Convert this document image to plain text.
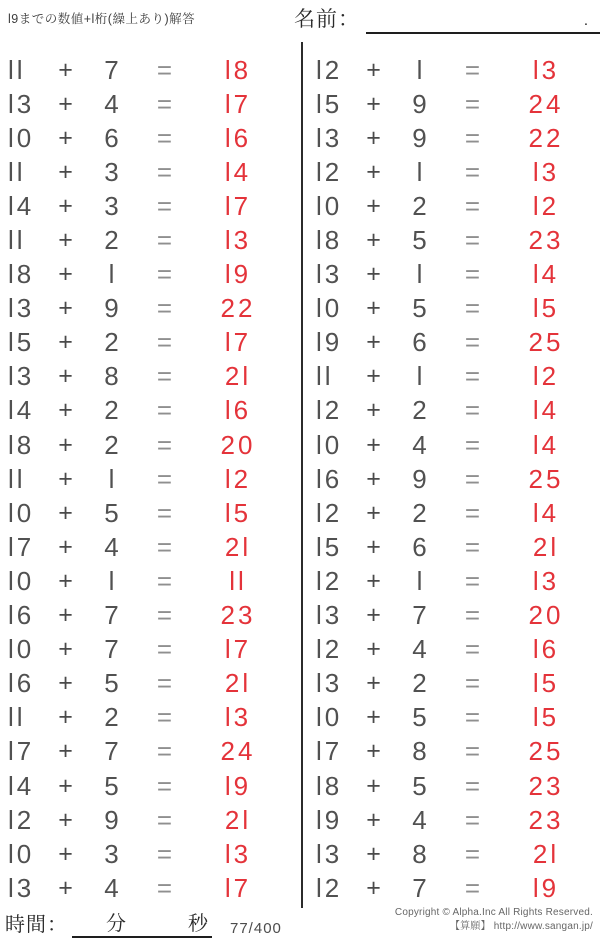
l9までの数値+l桁(繰上あり)解答	名前：	.
ll	+	7	=	l8
l3 +	4	=	l7
l0 +	6	=	l6
ll	+	3	=	l4
l4 +	3	=	l7
ll	+	2	=	l3
l8 +	l	=	l9
l3 +	9	=	22
l5 +	2	=	l7
l3 +	8	=	2l
l4 +	2	=	l6
l8 +	2	=	20
ll	+	l	=	l2
l0 +	5	=	l5
l7 +	4	=	2l
l0 +	l	=	ll
l6 +	7	=	23
l0 +	7	=	l7
l6 +	5	=	2l
ll	+	2	=	l3
l7 +	7	=	24
l4 +	5	=	l9
l2 +	9	=	2l
l0 +	3	=	l3
l3 +	4	=	l7
l2 +	l	=	l3
l5 +	9	=	24
l3 +	9	=	22
l2 +	l	=	l3
l0 +	2	=	l2
l8 +	5	=	23
l3 +	l	=	l4
l0 +	5	=	l5
l9 +	6	=	25
ll	+	l	=	l2
l2 +	2	=	l4
l0 +	4	=	l4
l6 +	9	=	25
l2 +	2	=	l4
l5 +	6	=	2l
l2 +	l	=	l3
l3 +	7	=	20
l2 +	4	=	l6
l3 +	2	=	l5
l0 +	5	=	l5
l7 +	8	=	25
l8 +	5	=	23
l9 +	4	=	23
l3 +	8	=	2l
l2 +	7	=	l9
時間： 分	秒 77/400
Copyright © Alpha.Inc All Rights Reserved.
【算願】 http://www.sangan.jp/
